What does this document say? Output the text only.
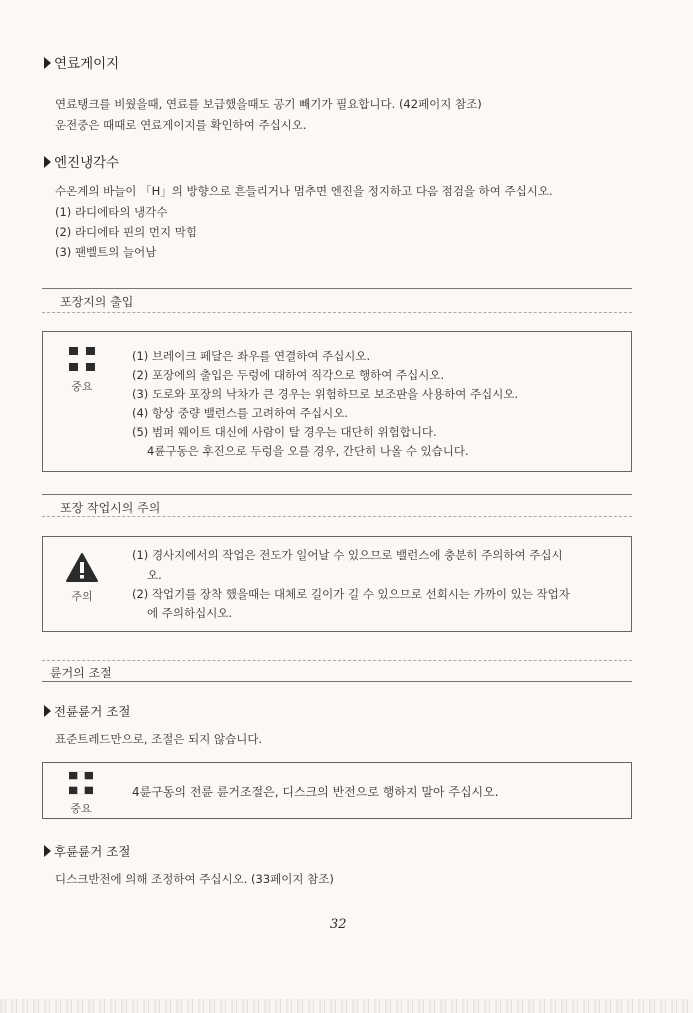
연료게이지
연료탱크를 비웠을때, 연료를 보급했을때도 공기 빼기가 필요합니다. (42페이지 참조)
운전중은 때때로 연료게이지를 확인하여 주십시오.
엔진냉각수
수온계의 바늘이 「H」의 방향으로 흔들리거나 멈추면 엔진을 정지하고 다음 점검을 하여 주십시오.
(1) 라디에타의 냉각수
(2) 라디에타 핀의 먼지 막힘
(3) 팬벨트의 늘어남
포장지의 출입
중요
(1) 브레이크 페달은 좌우를 연결하여 주십시오.
(2) 포장에의 출입은 두렁에 대하여 직각으로 행하여 주십시오.
(3) 도로와 포장의 낙차가 큰 경우는 위험하므로 보조판을 사용하여 주십시오.
(4) 항상 중량 밸런스를 고려하여 주십시오.
(5) 범퍼 웨이트 대신에 사람이 탈 경우는 대단히 위험합니다.
4륜구동은 후진으로 두렁을 오를 경우, 간단히 나올 수 있습니다.
포장 작업시의 주의
주의
(1) 경사지에서의 작업은 전도가 일어날 수 있으므로 밸런스에 충분히 주의하여 주십시
오.
(2) 작업기를 장착 했을때는 대체로 길이가 길 수 있으므로 선회시는 가까이 있는 작업자
에 주의하십시오.
륜거의 조절
전륜륜거 조절
표준트레드만으로, 조절은 되지 않습니다.
중요
4륜구동의 전륜 륜거조절은, 디스크의 반전으로 행하지 말아 주십시오.
후륜륜거 조절
디스크반전에 의해 조정하여 주십시오. (33페이지 참조)
32
